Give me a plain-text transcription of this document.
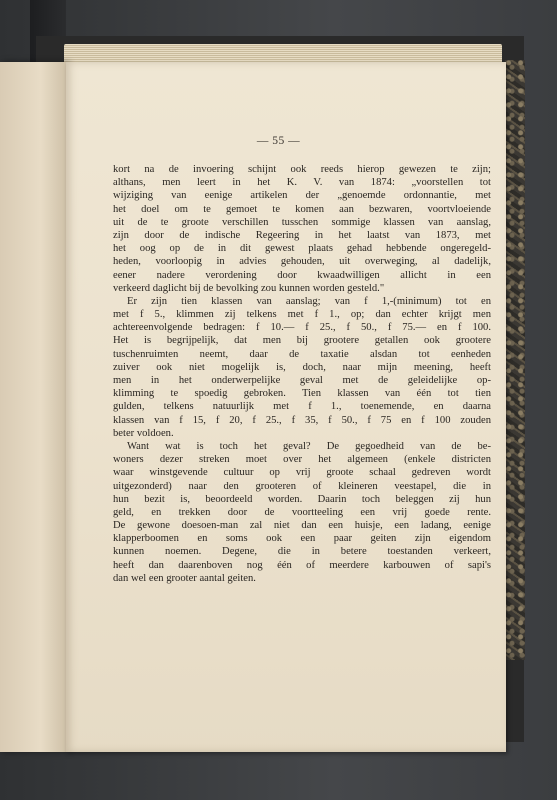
— 55 —
kort na de invoering schijnt ook reeds hierop gewezen te zijn;
althans, men leert in het K. V. van 1874: „voorstellen tot
wijziging van eenige artikelen der „genoemde ordonnantie, met
het doel om te gemoet te komen aan bezwaren, voortvloeiende
uit de te groote verschillen tusschen sommige klassen van aanslag,
zijn door de indische Regeering in het laatst van 1873, met
het oog op de in dit gewest plaats gehad hebbende ongeregeld-
heden, voorloopig in advies gehouden, uit overweging, al dadelijk,
eener nadere verordening door kwaadwilligen allicht in een
verkeerd daglicht bij de bevolking zou kunnen worden gesteld."
Er zijn tien klassen van aanslag; van f 1,-(minimum) tot en
met f 5., klimmen zij telkens met f 1., op; dan echter krijgt men
achtereenvolgende bedragen: f 10.— f 25., f 50., f 75.— en f 100.
Het is begrijpelijk, dat men bij grootere getallen ook grootere
tuschenruimten neemt, daar de taxatie alsdan tot eenheden
zuiver ook niet mogelijk is, doch, naar mijn meening, heeft
men in het onderwerpelijke geval met de geleidelijke op-
klimming te spoedig gebroken. Tien klassen van één tot tien
gulden, telkens natuurlijk met f 1., toenemende, en daarna
klassen van f 15, f 20, f 25., f 35, f 50., f 75 en f 100 zouden
beter voldoen.
Want wat is toch het geval? De gegoedheid van de be-
woners dezer streken moet over het algemeen (enkele districten
waar winstgevende cultuur op vrij groote schaal gedreven wordt
uitgezonderd) naar den grooteren of kleineren veestapel, die in
hun bezit is, beoordeeld worden. Daarin toch beleggen zij hun
geld, en trekken door de voortteeling een vrij goede rente.
De gewone doesoen-man zal niet dan een huisje, een ladang, eenige
klapperboomen en soms ook een paar geiten zijn eigendom
kunnen noemen. Degene, die in betere toestanden verkeert,
heeft dan daarenboven nog één of meerdere karbouwen of sapi's
dan wel een grooter aantal geiten.
